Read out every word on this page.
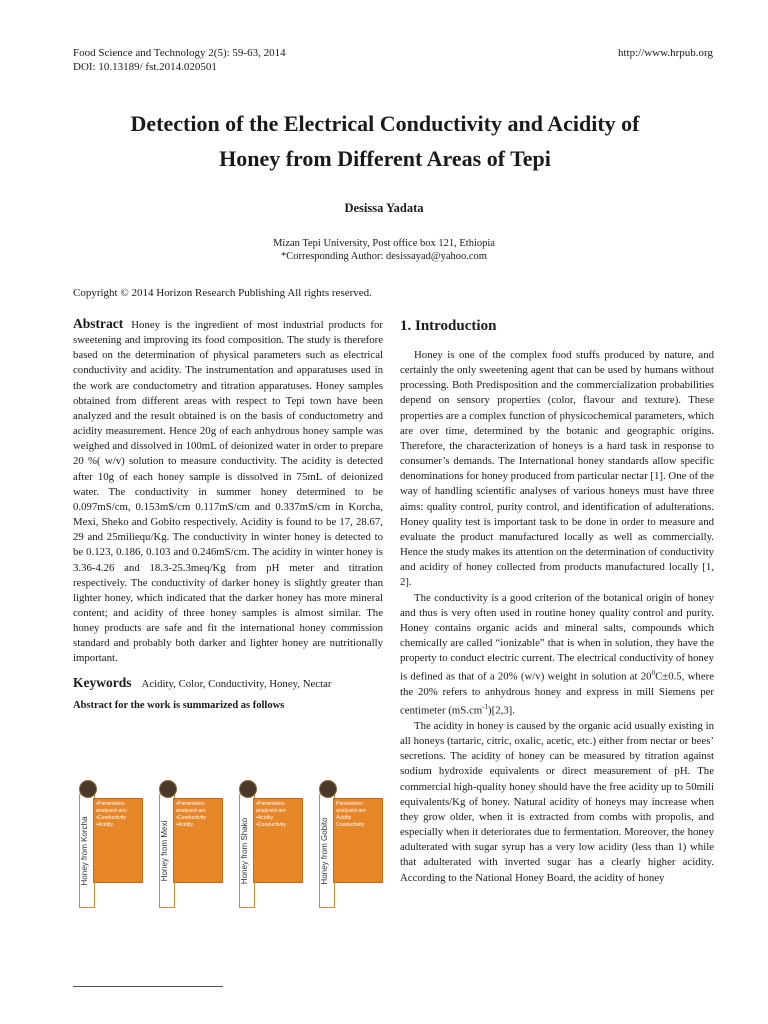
Food Science and Technology 2(5): 59-63, 2014
DOI: 10.13189/ fst.2014.020501
http://www.hrpub.org
Detection of the Electrical Conductivity and Acidity of
Honey from Different Areas of Tepi
Desissa Yadata
Mizan Tepi University, Post office box 121, Ethiopia
*Corresponding Author: desissayad@yahoo.com
Copyright © 2014 Horizon Research Publishing All rights reserved.

Abstract Honey is the ingredient of most industrial products for sweetening and improving its food composition. The study is therefore based on the determination of physical parameters such as electrical conductivity and acidity. The instrumentation and apparatuses used in the work are conductometry and titration apparatuses. Honey samples obtained from different areas with respect to Tepi town have been analyzed and the result obtained is on the basis of conductometry and acidity measurement. Hence 20g of each anhydrous honey sample was weighed and dissolved in 100mL of deionized water in order to prepare 20 %( w/v) solution to measure conductivity. The acidity is detected after 10g of each honey sample is dissolved in 75mL of deionized water. The conductivity in summer honey determined to be 0.097mS/cm, 0.153mS/cm 0.117mS/cm and 0.337mS/cm in Korcha, Mexi, Sheko and Gobito respectively. Acidity is found to be 17, 28.67, 29 and 25miliequ/Kg. The conductivity in winter honey is detected to be 0.123, 0.186, 0.103 and 0.246mS/cm. The acidity in winter honey is 3.36-4.26 and 18.3-25.3meq/Kg from pH meter and titration respectively. The conductivity of darker honey is slightly greater than lighter honey, which indicated that the darker honey has more mineral content; and acidity of three honey samples is almost similar. The honey products are safe and fit the international honey commission standard and probably both darker and lighter honey are nutritionally important.

Keywords Acidity, Color, Conductivity, Honey, Nectar
Abstract for the work is summarized as follows
Honey from Korcha
•Parameters analysed are;
•Conductivity
•Acidity	Honey from Mexi
•Parameters analysed are
•Conductivity
•Acidity	Honey from Shako
•Parameters analysed are
•Acidity
•Conductivity	Honey from Gobito
Parameters analysed are
Acidity
Conductivity
1. Introduction

Honey is one of the complex food stuffs produced by nature, and certainly the only sweetening agent that can be used by humans without processing. Both Predisposition and the commercialization probabilities depend on sensory properties (color, flavour and texture). These properties are a complex function of physicochemical parameters, which are over time, determined by the botanic and geographic origins. Therefore, the characterization of honeys is a hard task in response to consumer’s demands. The International honey standards allow specific denominations for honey produced from particular nectar [1]. One of the way of handling scientific analyses of various honeys must have three aims: quality control, purity control, and identification of adulterations. Honey quality test is important task to be done in order to measure and evaluate the product manufactured locally as well as commercially. Hence the study makes its attention on the determination of conductivity and acidity of honey collected from products manufactured locally [1, 2].

The conductivity is a good criterion of the botanical origin of honey and thus is very often used in routine honey quality control and purity. Honey contains organic acids and mineral salts, compounds which chemically are called “ionizable” that is when in solution, they have the property to conduct electric current. The electrical conductivity of honey is defined as that of a 20% (w/v) weight in solution at $20^0C\pm 0.5$, where the 20% refers to anhydrous honey and express in mill Siemens per centimeter $(mS.cm^{-1})[2,3]$.

The acidity in honey is caused by the organic acid usually existing in all honeys (tartaric, citric, oxalic, acetic, etc.) either from nectar or bees’ secretions. The acidity of honey can be measured by titration against sodium hydroxide equivalents or direct measurement of pH. The commercial high-quality honey should have the free acidity up to 50mili equivalents/Kg of honey. Natural acidity of honeys may increase when they grow older, when it is extracted from combs with propolis, and especially when it deteriorates due to fermentation. Moreover, the honey adulterated with sugar syrup has a very low acidity (less than 1) while that adulterated with inverted sugar has a clearly higher acidity. According to the National Honey Board, the acidity of honey
